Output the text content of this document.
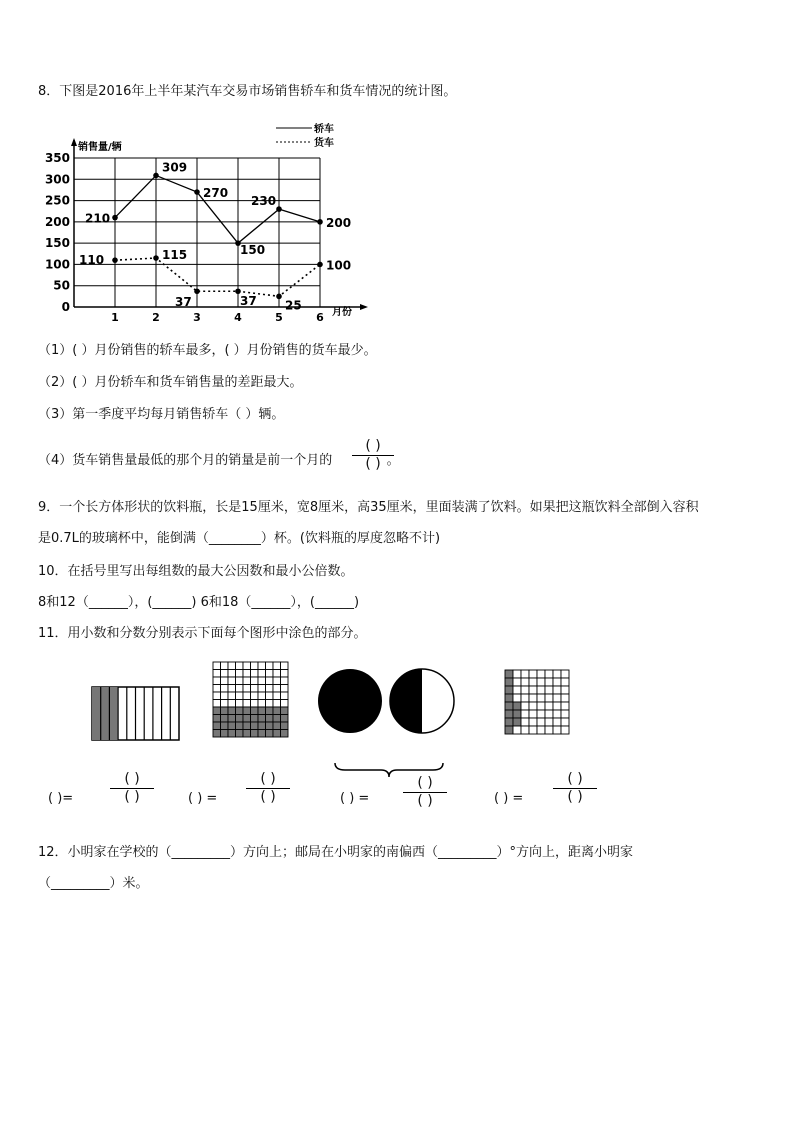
8．下图是2016年上半年某汽车交易市场销售轿车和货车情况的统计图。
0
50
100
150
200
250
300
350
1	2	3	4	5	6
210
309
270
150
230
200
110	115
37	37 25
100
销售量/辆
月份
轿车
货车
（1）( ）月份销售的轿车最多，( ）月份销售的货车最少。
（2）( ）月份轿车和货车销售量的差距最大。
（3）第一季度平均每月销售轿车（ ）辆。
（4）货车销售量最低的那个月的销量是前一个月的	。
( )
( )
9．一个长方体形状的饮料瓶，长是15厘米，宽8厘米，高35厘米，里面装满了饮料。如果把这瓶饮料全部倒入容积
是0.7L的玻璃杯中，能倒满（________）杯。(饮料瓶的厚度忽略不计)
10．在括号里写出每组数的最大公因数和最小公倍数。
8和12（______），(______) 6和18（______），(______)
11．用小数和分数分别表示下面每个图形中涂色的部分。
( )=
( )
( )	( ) =
( )
( )	( ) =
( )
( )	( ) =
( )
( )
12．小明家在学校的（_________）方向上；邮局在小明家的南偏西（_________）°方向上，距离小明家
（_________）米。
